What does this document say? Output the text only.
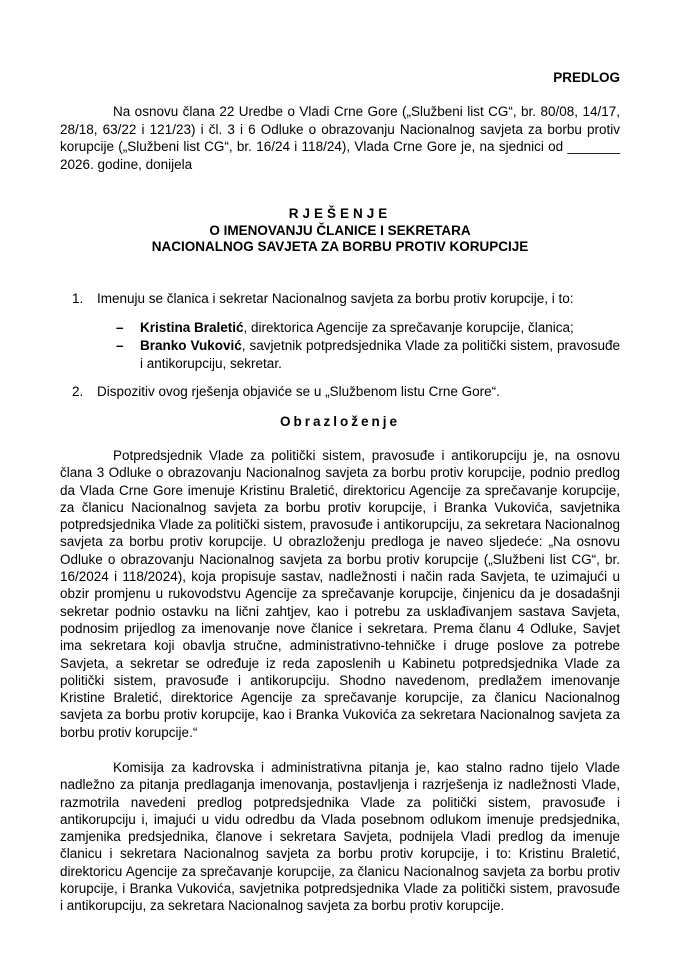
PREDLOG

Na osnovu člana 22 Uredbe o Vladi Crne Gore („Službeni list CG“, br. 80/08, 14/17, 28/18, 63/22 i 121/23) i čl. 3 i 6 Odluke o obrazovanju Nacionalnog savjeta za borbu protiv korupcije („Službeni list CG“, br. 16/24 i 118/24), Vlada Crne Gore je, na sjednici od _______ 2026. godine, donijela

RJEŠENJE
O IMENOVANJU ČLANICE I SEKRETARA
NACIONALNOG SAVJETA ZA BORBU PROTIV KORUPCIJE
1. Imenuju se članica i sekretar Nacionalnog savjeta za borbu protiv korupcije, i to:
– Kristina Braletić, direktorica Agencije za sprečavanje korupcije, članica;
– Branko Vuković, savjetnik potpredsjednika Vlade za politički sistem, pravosuđe i antikorupciju, sekretar.
2. Dispozitiv ovog rješenja objaviće se u „Službenom listu Crne Gore“.
Obrazloženje

Potpredsjednik Vlade za politički sistem, pravosuđe i antikorupciju je, na osnovu člana 3 Odluke o obrazovanju Nacionalnog savjeta za borbu protiv korupcije, podnio predlog da Vlada Crne Gore imenuje Kristinu Braletić, direktoricu Agencije za sprečavanje korupcije, za članicu Nacionalnog savjeta za borbu protiv korupcije, i Branka Vukovića, savjetnika potpredsjednika Vlade za politički sistem, pravosuđe i antikorupciju, za sekretara Nacionalnog savjeta za borbu protiv korupcije. U obrazloženju predloga je naveo sljedeće: „Na osnovu Odluke o obrazovanju Nacionalnog savjeta za borbu protiv korupcije („Službeni list CG“, br. 16/2024 i 118/2024), koja propisuje sastav, nadležnosti i način rada Savjeta, te uzimajući u obzir promjenu u rukovodstvu Agencije za sprečavanje korupcije, činjenicu da je dosadašnji sekretar podnio ostavku na lični zahtjev, kao i potrebu za usklađivanjem sastava Savjeta, podnosim prijedlog za imenovanje nove članice i sekretara. Prema članu 4 Odluke, Savjet ima sekretara koji obavlja stručne, administrativno-tehničke i druge poslove za potrebe Savjeta, a sekretar se određuje iz reda zaposlenih u Kabinetu potpredsjednika Vlade za politički sistem, pravosuđe i antikorupciju. Shodno navedenom, predlažem imenovanje Kristine Braletić, direktorice Agencije za sprečavanje korupcije, za članicu Nacionalnog savjeta za borbu protiv korupcije, kao i Branka Vukovića za sekretara Nacionalnog savjeta za borbu protiv korupcije.“

Komisija za kadrovska i administrativna pitanja je, kao stalno radno tijelo Vlade nadležno za pitanja predlaganja imenovanja, postavljenja i razrješenja iz nadležnosti Vlade, razmotrila navedeni predlog potpredsjednika Vlade za politički sistem, pravosuđe i antikorupciju i, imajući u vidu odredbu da Vlada posebnom odlukom imenuje predsjednika, zamjenika predsjednika, članove i sekretara Savjeta, podnijela Vladi predlog da imenuje članicu i sekretara Nacionalnog savjeta za borbu protiv korupcije, i to: Kristinu Braletić, direktoricu Agencije za sprečavanje korupcije, za članicu Nacionalnog savjeta za borbu protiv korupcije, i Branka Vukovića, savjetnika potpredsjednika Vlade za politički sistem, pravosuđe i antikorupciju, za sekretara Nacionalnog savjeta za borbu protiv korupcije.
